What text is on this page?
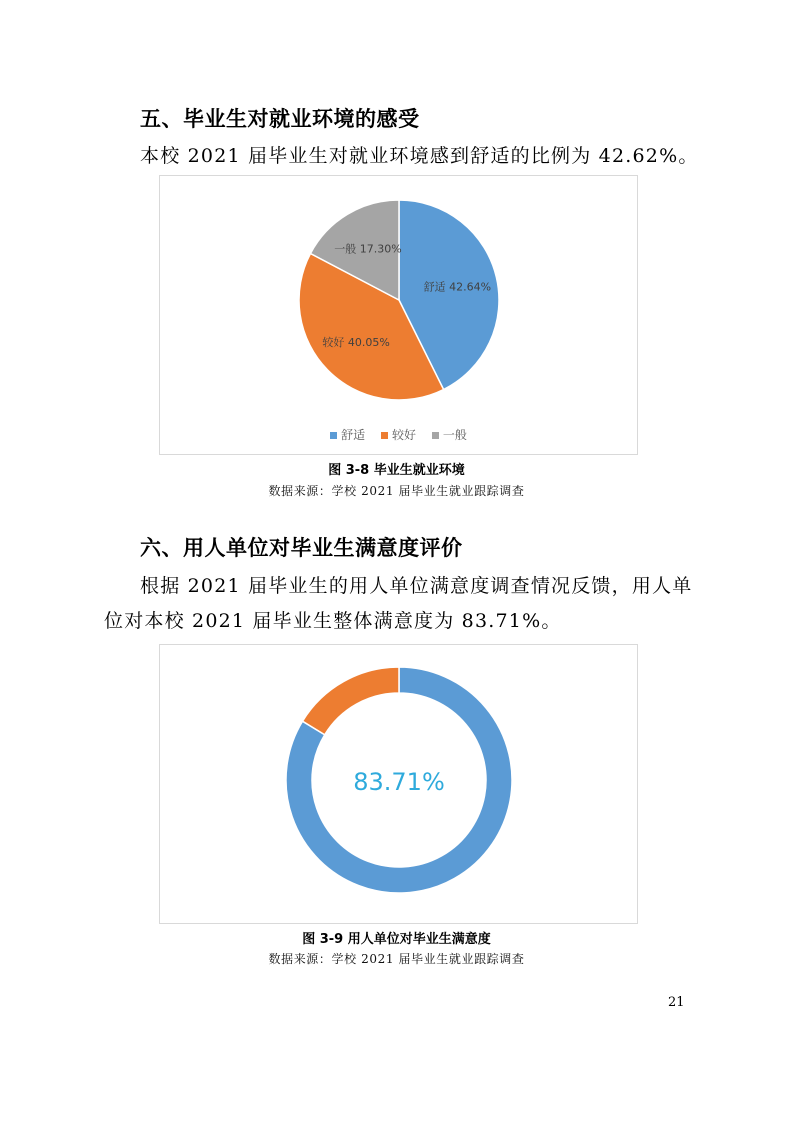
五、毕业生对就业环境的感受
本校 2021 届毕业生对就业环境感到舒适的比例为 42.62%。
舒适 42.64%
较好 40.05%
一般 17.30%
舒适 较好 一般
图 3-8 毕业生就业环境
数据来源：学校 2021 届毕业生就业跟踪调查
六、用人单位对毕业生满意度评价
根据 2021 届毕业生的用人单位满意度调查情况反馈，用人单
位对本校 2021 届毕业生整体满意度为 83.71%。
83.71%
图 3-9 用人单位对毕业生满意度
数据来源：学校 2021 届毕业生就业跟踪调查
21
